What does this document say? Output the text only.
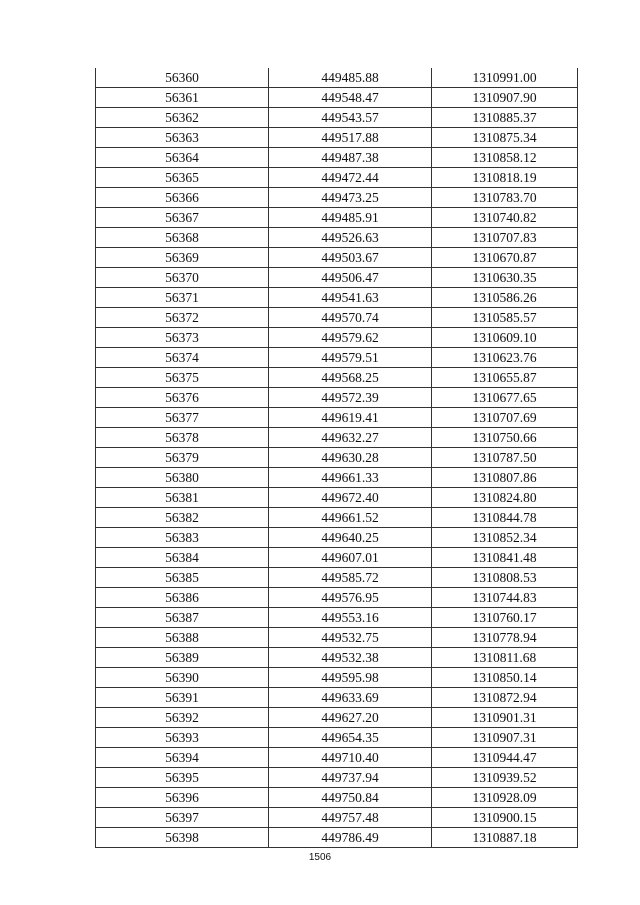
56360	449485.88	1310991.00
56361	449548.47	1310907.90
56362	449543.57	1310885.37
56363	449517.88	1310875.34
56364	449487.38	1310858.12
56365	449472.44	1310818.19
56366	449473.25	1310783.70
56367	449485.91	1310740.82
56368	449526.63	1310707.83
56369	449503.67	1310670.87
56370	449506.47	1310630.35
56371	449541.63	1310586.26
56372	449570.74	1310585.57
56373	449579.62	1310609.10
56374	449579.51	1310623.76
56375	449568.25	1310655.87
56376	449572.39	1310677.65
56377	449619.41	1310707.69
56378	449632.27	1310750.66
56379	449630.28	1310787.50
56380	449661.33	1310807.86
56381	449672.40	1310824.80
56382	449661.52	1310844.78
56383	449640.25	1310852.34
56384	449607.01	1310841.48
56385	449585.72	1310808.53
56386	449576.95	1310744.83
56387	449553.16	1310760.17
56388	449532.75	1310778.94
56389	449532.38	1310811.68
56390	449595.98	1310850.14
56391	449633.69	1310872.94
56392	449627.20	1310901.31
56393	449654.35	1310907.31
56394	449710.40	1310944.47
56395	449737.94	1310939.52
56396	449750.84	1310928.09
56397	449757.48	1310900.15
56398	449786.49	1310887.18
1506
